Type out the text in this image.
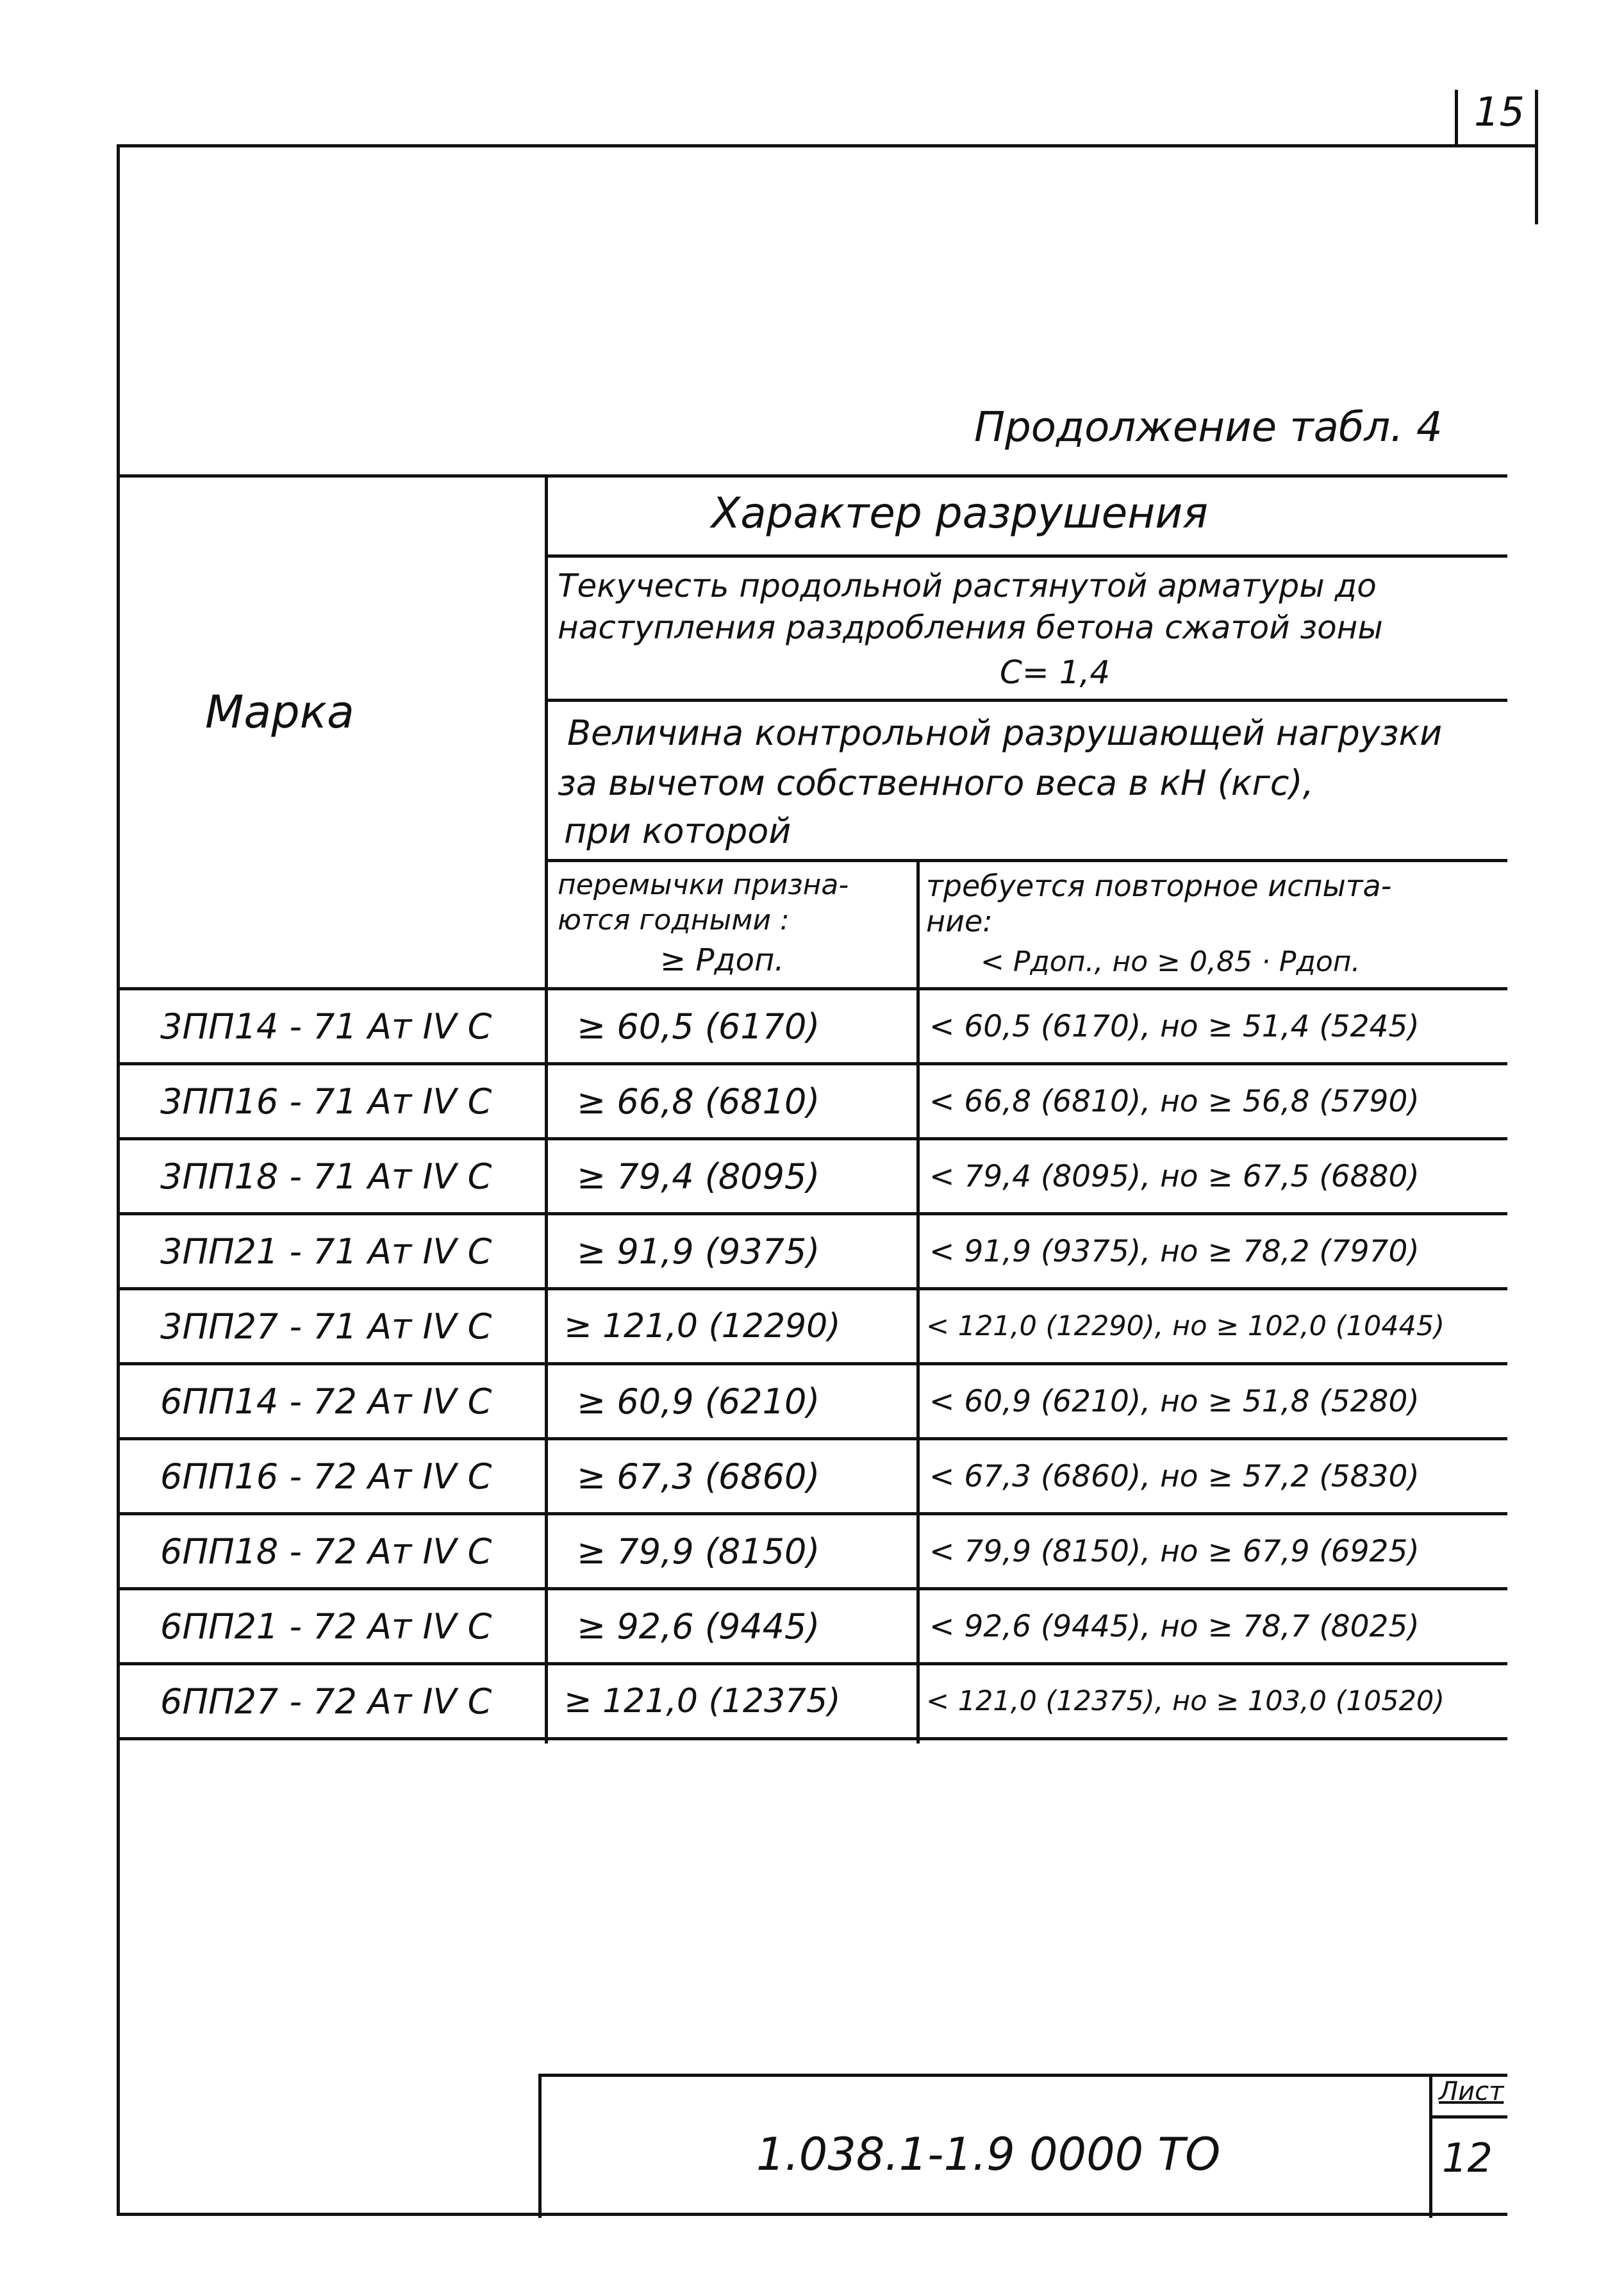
15
Продолжение табл. 4
Марка
Характер разрушения
Текучесть продольной растянутой арматуры до
наступления раздробления бетона сжатой зоны
C= 1,4
Величина контрольной разрушающей нагрузки
за вычетом собственного веса в кН (кгс),
при которой
перемычки призна-
ются годными :
≥ Pдоп.
требуется повторное испыта-
ние:
< Pдоп., но ≥ 0,85 · Pдоп.
3ПП14 - 71 Ат IV C ≥ 60,5 (6170)	< 60,5 (6170), но ≥ 51,4 (5245)
3ПП16 - 71 Ат IV C ≥ 66,8 (6810)	< 66,8 (6810), но ≥ 56,8 (5790)
3ПП18 - 71 Ат IV C ≥ 79,4 (8095)	< 79,4 (8095), но ≥ 67,5 (6880)
3ПП21 - 71 Ат IV C ≥ 91,9 (9375)	< 91,9 (9375), но ≥ 78,2 (7970)
3ПП27 - 71 Ат IV C ≥ 121,0 (12290)	< 121,0 (12290), но ≥ 102,0 (10445)
6ПП14 - 72 Ат IV C ≥ 60,9 (6210)	< 60,9 (6210), но ≥ 51,8 (5280)
6ПП16 - 72 Ат IV C ≥ 67,3 (6860)	< 67,3 (6860), но ≥ 57,2 (5830)
6ПП18 - 72 Ат IV C ≥ 79,9 (8150)	< 79,9 (8150), но ≥ 67,9 (6925)
6ПП21 - 72 Ат IV C ≥ 92,6 (9445)	< 92,6 (9445), но ≥ 78,7 (8025)
6ПП27 - 72 Ат IV C ≥ 121,0 (12375)	< 121,0 (12375), но ≥ 103,0 (10520)
1.038.1-1.9 0000 ТО
Лист
12
